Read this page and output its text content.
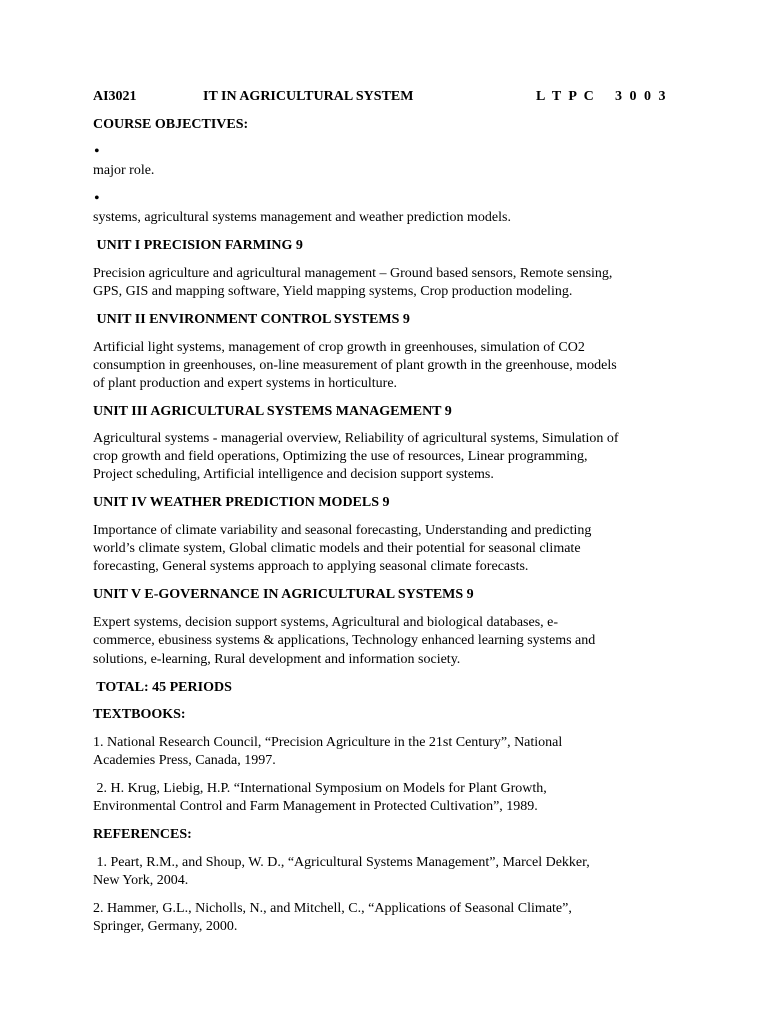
AI3021	IT IN AGRICULTURAL SYSTEM	L T P C 3 0 0 3
COURSE OBJECTIVES:
•
major role.
•
systems, agricultural systems management and weather prediction models.
UNIT I PRECISION FARMING 9
Precision agriculture and agricultural management – Ground based sensors, Remote sensing,
GPS, GIS and mapping software, Yield mapping systems, Crop production modeling.
UNIT II ENVIRONMENT CONTROL SYSTEMS 9
Artificial light systems, management of crop growth in greenhouses, simulation of CO2
consumption in greenhouses, on-line measurement of plant growth in the greenhouse, models
of plant production and expert systems in horticulture.
UNIT III AGRICULTURAL SYSTEMS MANAGEMENT 9
Agricultural systems - managerial overview, Reliability of agricultural systems, Simulation of
crop growth and field operations, Optimizing the use of resources, Linear programming,
Project scheduling, Artificial intelligence and decision support systems.
UNIT IV WEATHER PREDICTION MODELS 9
Importance of climate variability and seasonal forecasting, Understanding and predicting
world’s climate system, Global climatic models and their potential for seasonal climate
forecasting, General systems approach to applying seasonal climate forecasts.
UNIT V E-GOVERNANCE IN AGRICULTURAL SYSTEMS 9
Expert systems, decision support systems, Agricultural and biological databases, e-
commerce, ebusiness systems & applications, Technology enhanced learning systems and
solutions, e-learning, Rural development and information society.
TOTAL: 45 PERIODS
TEXTBOOKS:
1. National Research Council, “Precision Agriculture in the 21st Century”, National
Academies Press, Canada, 1997.
2. H. Krug, Liebig, H.P. “International Symposium on Models for Plant Growth,
Environmental Control and Farm Management in Protected Cultivation”, 1989.
REFERENCES:
1. Peart, R.M., and Shoup, W. D., “Agricultural Systems Management”, Marcel Dekker,
New York, 2004.
2. Hammer, G.L., Nicholls, N., and Mitchell, C., “Applications of Seasonal Climate”,
Springer, Germany, 2000.
